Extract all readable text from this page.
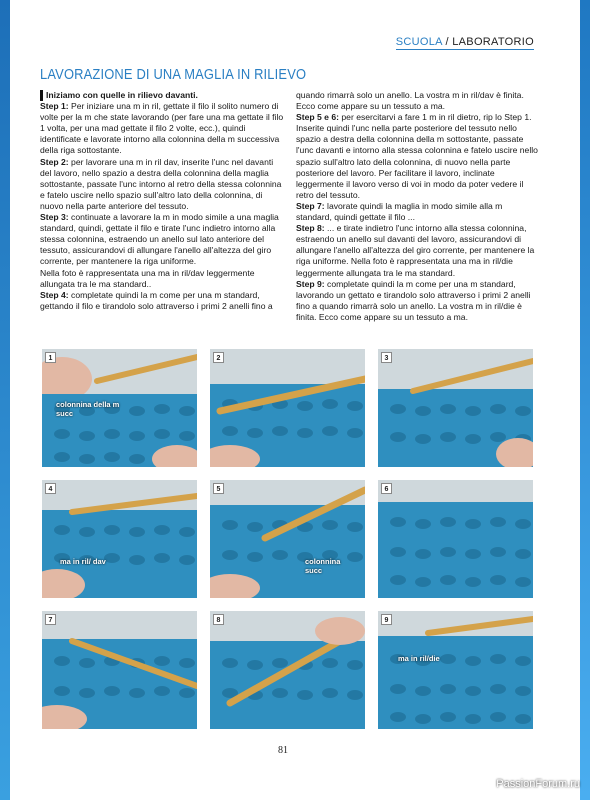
SCUOLA / LABORATORIO
LAVORAZIONE DI UNA MAGLIA IN RILIEVO

Iniziamo con quelle in rilievo davanti.

Step 1: Per iniziare una m in ril, gettate il filo il solito numero di volte per la m che state lavorando (per fare una ma gettate il filo 1 volta, per una mad gettate il filo 2 volte, ecc.), quindi identificate e lavorate intorno alla colonnina della m successiva della riga sottostante.

Step 2: per lavorare una m in ril dav, inserite l'unc nel davanti del lavoro, nello spazio a destra della colonnina della maglia sottostante, passate l'unc intorno al retro della stessa colonnina e fatelo uscire nello spazio sull'altro lato della colonnina, di nuovo nella parte anteriore del tessuto.

Step 3: continuate a lavorare la m in modo simile a una maglia standard, quindi, gettate il filo e tirate l'unc indietro intorno alla stessa colonnina, estraendo un anello sul lato anteriore del tessuto, assicurandovi di allungare l'anello all'altezza del giro corrente, per mantenere la riga uniforme.

Nella foto è rappresentata una ma in ril/dav leggermente allungata tra le ma standard..

Step 4: completate quindi la m come per una m standard, gettando il filo e tirandolo solo attraverso i primi 2 anelli fino a

quando rimarrà solo un anello. La vostra m in ril/dav è finita. Ecco come appare su un tessuto a ma.

Step 5 e 6: per esercitarvi a fare 1 m in ril dietro, rip lo Step 1. Inserite quindi l'unc nella parte posteriore del tessuto nello spazio a destra della colonnina della m sottostante, passate l'unc davanti e intorno alla stessa colonnina e fatelo uscire nello spazio sull'altro lato della colonnina, di nuovo nella parte posteriore del lavoro. Per facilitare il lavoro, inclinate leggermente il lavoro verso di voi in modo da poter vedere il retro del tessuto.

Step 7: lavorate quindi la maglia in modo simile alla m standard, quindi gettate il filo ...

Step 8: ... e tirate indietro l'unc intorno alla stessa colonnina, estraendo un anello sul davanti del lavoro, assicurandovi di allungare l'anello all'altezza del giro corrente, per mantenere la riga uniforme. Nella foto è rappresentata una ma in ril/die leggermente allungata tra le ma standard.

Step 9: completate quindi la m come per una m standard, lavorando un gettato e tirandolo solo attraverso i primi 2 anelli fino a quando rimarrà solo un anello. La vostra m in ril/die è finita. Ecco come appare su un tessuto a ma.

1
colonnina della m succ
2	3
4
ma in ril/ dav
5
colonnina succ
6
7	8	9
ma in ril/die
81
PassionForum.ru
